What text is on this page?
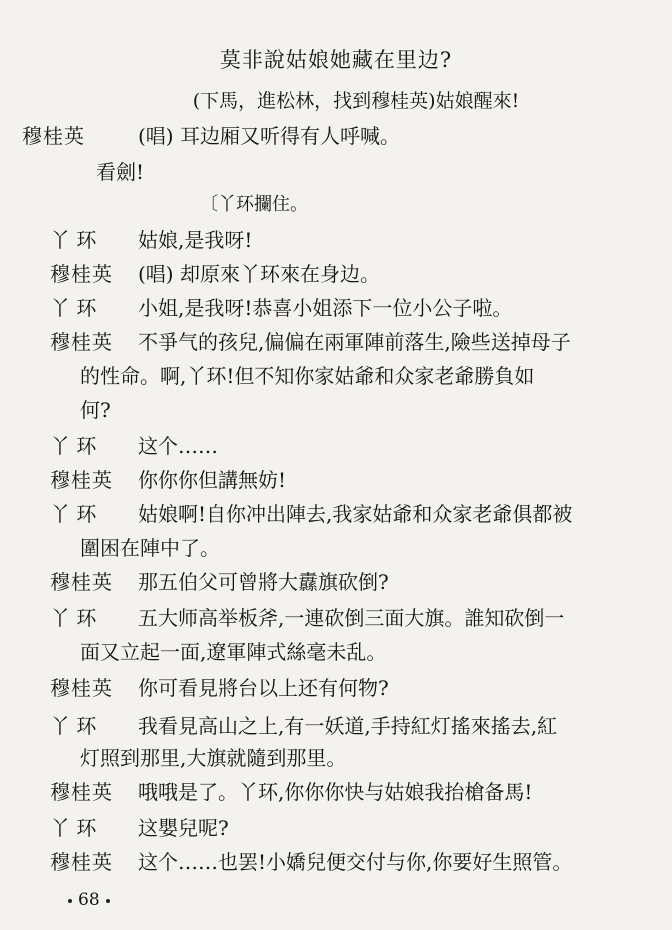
莫非說姑娘她藏在里边?
(下馬，進松林，找到穆桂英)姑娘醒來!
穆桂英	(唱) 耳边厢又听得有人呼喊。
看劍!
〔丫环攔住。
丫 环 姑娘,是我呀!
穆桂英 (唱) 却原來丫环來在身边。
丫 环 小姐,是我呀!恭喜小姐添下一位小公子啦。
穆桂英 不爭气的孩兒,偏偏在兩軍陣前落生,險些送掉母子
的性命。啊,丫环!但不知你家姑爺和众家老爺勝負如
何?
丫 环 这个……
穆桂英 你你你但講無妨!
丫 环 姑娘啊!自你冲出陣去,我家姑爺和众家老爺俱都被
圍困在陣中了。
穆桂英 那五伯父可曾將大纛旗砍倒?
丫 环 五大师高举板斧,一連砍倒三面大旗。誰知砍倒一
面又立起一面,遼軍陣式絲毫未乱。
穆桂英 你可看見將台以上还有何物?
丫 环 我看見高山之上,有一妖道,手持紅灯搖來搖去,紅
灯照到那里,大旗就隨到那里。
穆桂英 哦哦是了。丫环,你你你快与姑娘我抬槍备馬!
丫 环 这嬰兒呢?
穆桂英 这个……也罢!小嬌兒便交付与你,你要好生照管。
68
